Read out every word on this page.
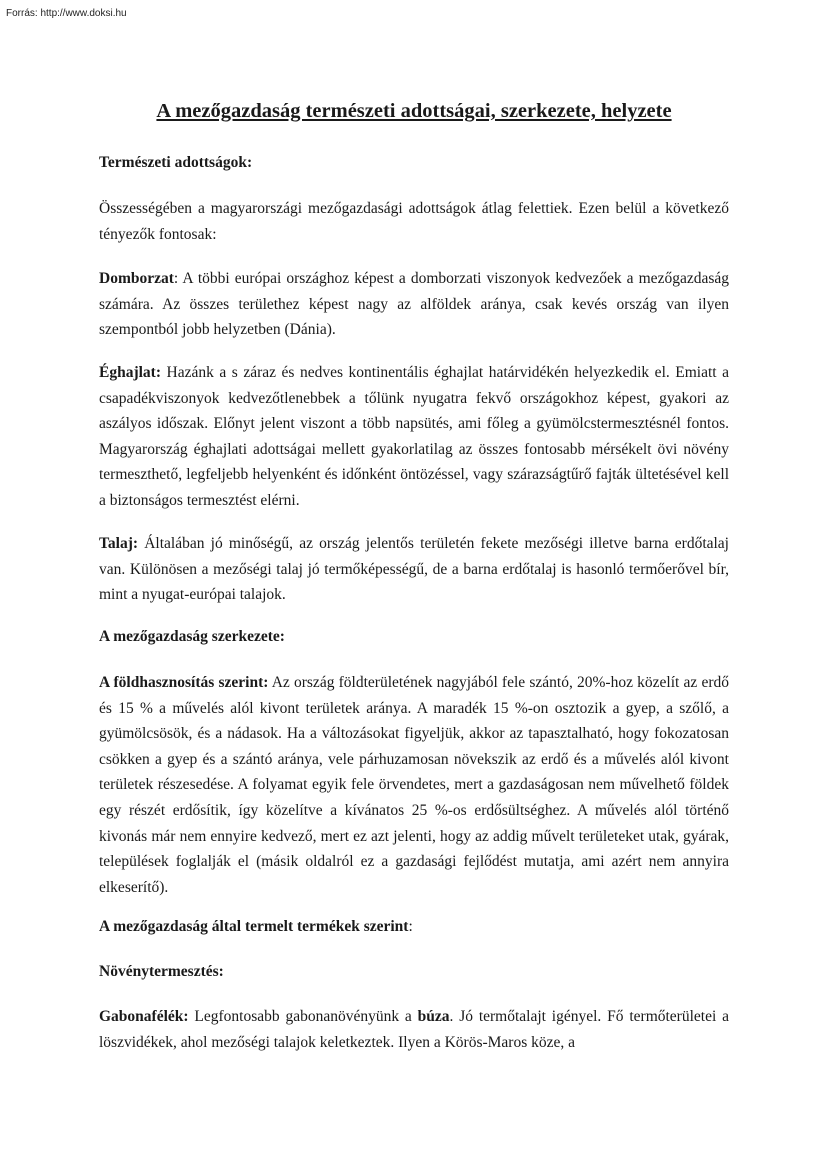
Forrás: http://www.doksi.hu
A mezőgazdaság természeti adottságai, szerkezete, helyzete
Természeti adottságok:
Összességében a magyarországi mezőgazdasági adottságok átlag felettiek. Ezen belül a következő tényezők fontosak:
Domborzat: A többi európai országhoz képest a domborzati viszonyok kedvezőek a mezőgazdaság számára. Az összes területhez képest nagy az alföldek aránya, csak kevés ország van ilyen szempontból jobb helyzetben (Dánia).
Éghajlat: Hazánk a s záraz és nedves kontinentális éghajlat határvidékén helyezkedik el. Emiatt a csapadékviszonyok kedvezőtlenebbek a tőlünk nyugatra fekvő országokhoz képest, gyakori az aszályos időszak. Előnyt jelent viszont a több napsütés, ami főleg a gyümölcstermesztésnél fontos. Magyarország éghajlati adottságai mellett gyakorlatilag az összes fontosabb mérsékelt övi növény termeszthető, legfeljebb helyenként és időnként öntözéssel, vagy szárazságtűrő fajták ültetésével kell a biztonságos termesztést elérni.
Talaj: Általában jó minőségű, az ország jelentős területén fekete mezőségi illetve barna erdőtalaj van. Különösen a mezőségi talaj jó termőképességű, de a barna erdőtalaj is hasonló termőerővel bír, mint a nyugat-európai talajok.
A mezőgazdaság szerkezete:
A földhasznosítás szerint: Az ország földterületének nagyjából fele szántó, 20%-hoz közelít az erdő és 15 % a művelés alól kivont területek aránya. A maradék 15 %-on osztozik a gyep, a szőlő, a gyümölcsösök, és a nádasok. Ha a változásokat figyeljük, akkor az tapasztalható, hogy fokozatosan csökken a gyep és a szántó aránya, vele párhuzamosan növekszik az erdő és a művelés alól kivont területek részesedése. A folyamat egyik fele örvendetes, mert a gazdaságosan nem művelhető földek egy részét erdősítik, így közelítve a kívánatos 25 %-os erdősültséghez. A művelés alól történő kivonás már nem ennyire kedvező, mert ez azt jelenti, hogy az addig művelt területeket utak, gyárak, települések foglalják el (másik oldalról ez a gazdasági fejlődést mutatja, ami azért nem annyira elkeserítő).
A mezőgazdaság által termelt termékek szerint:
Növénytermesztés:
Gabonafélék: Legfontosabb gabonanövényünk a búza. Jó termőtalajt igényel. Fő termőterületei a löszvidékek, ahol mezőségi talajok keletkeztek. Ilyen a Körös-Maros köze, a
